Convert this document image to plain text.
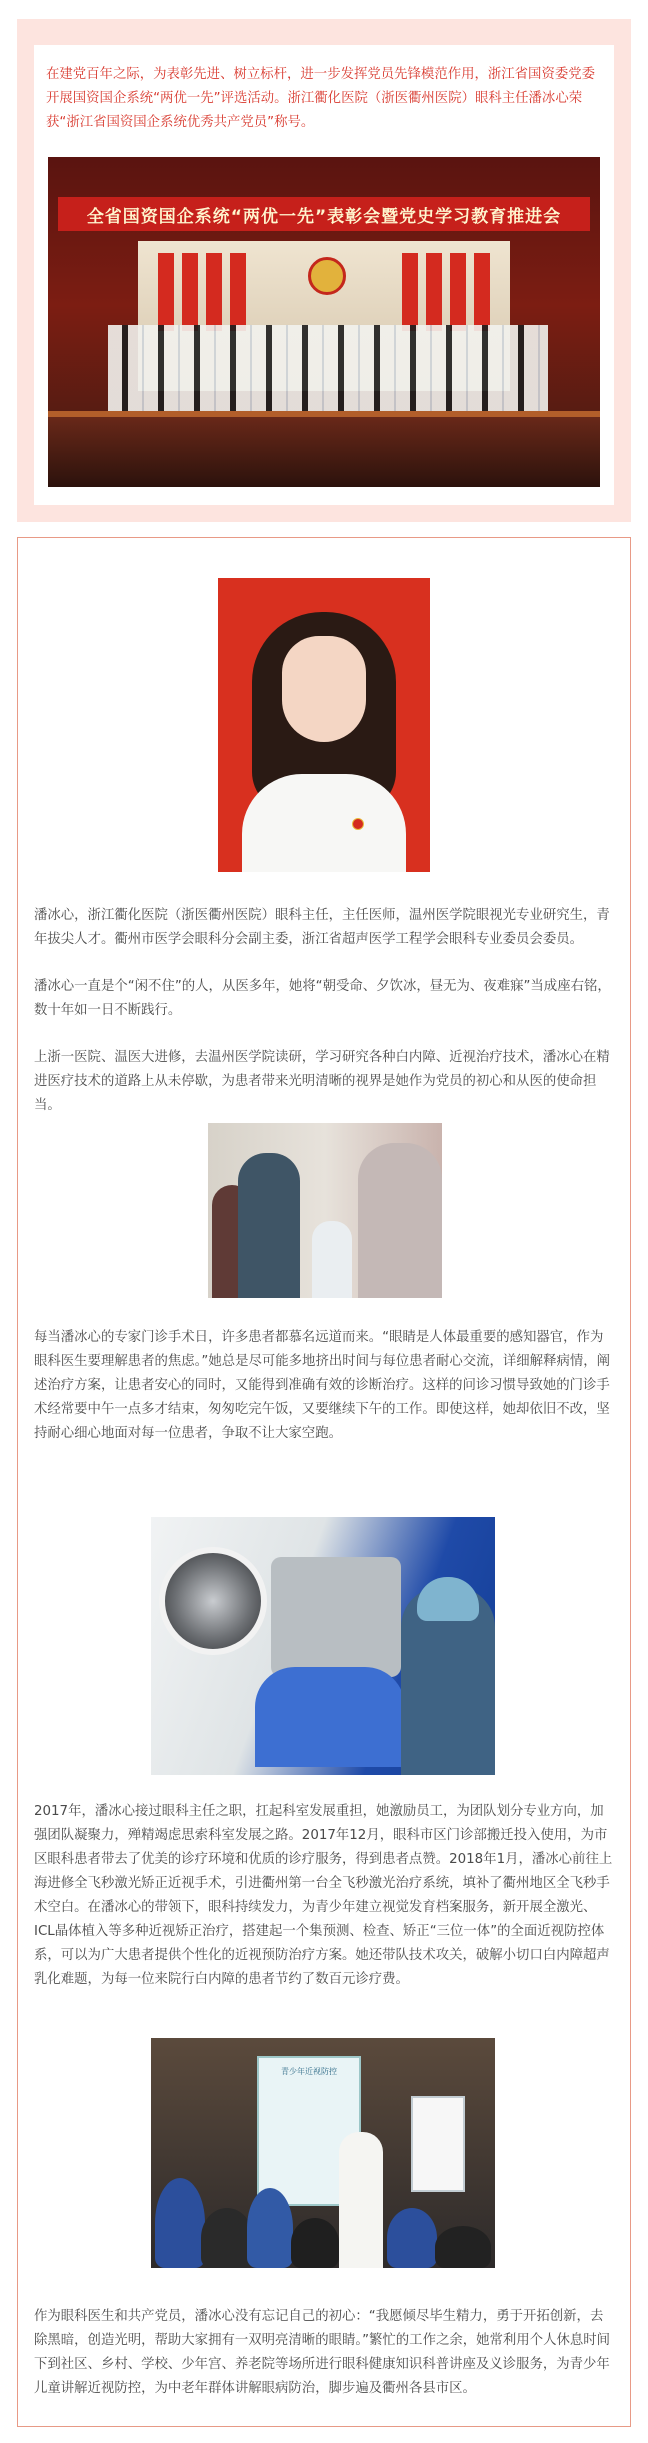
在建党百年之际，为表彰先进、树立标杆，进一步发挥党员先锋模范作用，浙江省国资委党委开展国资国企系统“两优一先”评选活动。浙江衢化医院（浙医衢州医院）眼科主任潘冰心荣获“浙江省国资国企系统优秀共产党员”称号。

全省国资国企系统“两优一先”表彰会暨党史学习教育推进会

潘冰心，浙江衢化医院（浙医衢州医院）眼科主任，主任医师，温州医学院眼视光专业研究生，青年拔尖人才。衢州市医学会眼科分会副主委，浙江省超声医学工程学会眼科专业委员会委员。

潘冰心一直是个“闲不住”的人，从医多年，她将“朝受命、夕饮冰，昼无为、夜难寐”当成座右铭，数十年如一日不断践行。

上浙一医院、温医大进修，去温州医学院读研，学习研究各种白内障、近视治疗技术，潘冰心在精进医疗技术的道路上从未停歇，为患者带来光明清晰的视界是她作为党员的初心和从医的使命担当。

每当潘冰心的专家门诊手术日，许多患者都慕名远道而来。“眼睛是人体最重要的感知器官，作为眼科医生要理解患者的焦虑。”她总是尽可能多地挤出时间与每位患者耐心交流，详细解释病情，阐述治疗方案，让患者安心的同时，又能得到准确有效的诊断治疗。这样的问诊习惯导致她的门诊手术经常要中午一点多才结束，匆匆吃完午饭，又要继续下午的工作。即使这样，她却依旧不改，坚持耐心细心地面对每一位患者，争取不让大家空跑。

2017年，潘冰心接过眼科主任之职，扛起科室发展重担，她激励员工，为团队划分专业方向，加强团队凝聚力，殚精竭虑思索科室发展之路。2017年12月，眼科市区门诊部搬迁投入使用，为市区眼科患者带去了优美的诊疗环境和优质的诊疗服务，得到患者点赞。2018年1月，潘冰心前往上海进修全飞秒激光矫正近视手术，引进衢州第一台全飞秒激光治疗系统，填补了衢州地区全飞秒手术空白。在潘冰心的带领下，眼科持续发力，为青少年建立视觉发育档案服务，新开展全激光、ICL晶体植入等多种近视矫正治疗，搭建起一个集预测、检查、矫正“三位一体”的全面近视防控体系，可以为广大患者提供个性化的近视预防治疗方案。她还带队技术攻关，破解小切口白内障超声乳化难题，为每一位来院行白内障的患者节约了数百元诊疗费。

青少年近视防控

作为眼科医生和共产党员，潘冰心没有忘记自己的初心：“我愿倾尽毕生精力，勇于开拓创新，去除黑暗，创造光明，帮助大家拥有一双明亮清晰的眼睛。”繁忙的工作之余，她常利用个人休息时间下到社区、乡村、学校、少年宫、养老院等场所进行眼科健康知识科普讲座及义诊服务，为青少年儿童讲解近视防控，为中老年群体讲解眼病防治，脚步遍及衢州各县市区。
